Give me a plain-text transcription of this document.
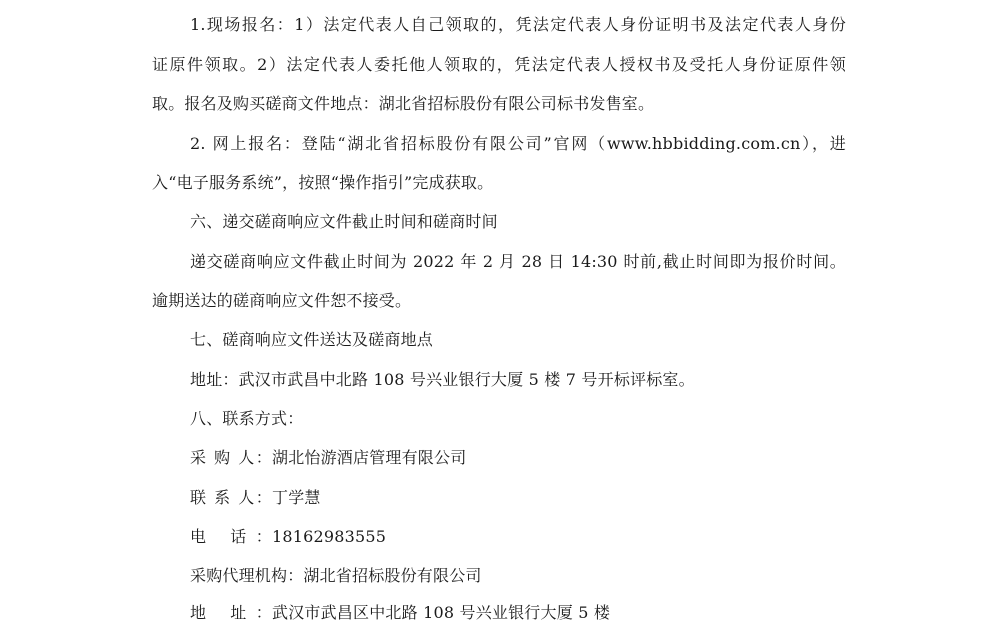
1.现场报名：1）法定代表人自己领取的，凭法定代表人身份证明书及法定代表人身份
证原件领取。2）法定代表人委托他人领取的，凭法定代表人授权书及受托人身份证原件领
取。报名及购买磋商文件地点：湖北省招标股份有限公司标书发售室。
2. 网上报名：登陆“湖北省招标股份有限公司”官网（www.hbbidding.com.cn），进
入“电子服务系统”，按照“操作指引”完成获取。
六、递交磋商响应文件截止时间和磋商时间
递交磋商响应文件截止时间为 2022 年 2 月 28 日 14:30 时前,截止时间即为报价时间。
逾期送达的磋商响应文件恕不接受。
七、磋商响应文件送达及磋商地点
地址：武汉市武昌中北路 108 号兴业银行大厦 5 楼 7 号开标评标室。
八、联系方式：
采 购 人： 湖北怡游酒店管理有限公司
联 系 人： 丁学慧
电 话： 18162983555
采购代理机构： 湖北省招标股份有限公司
地 址： 武汉市武昌区中北路 108 号兴业银行大厦 5 楼
